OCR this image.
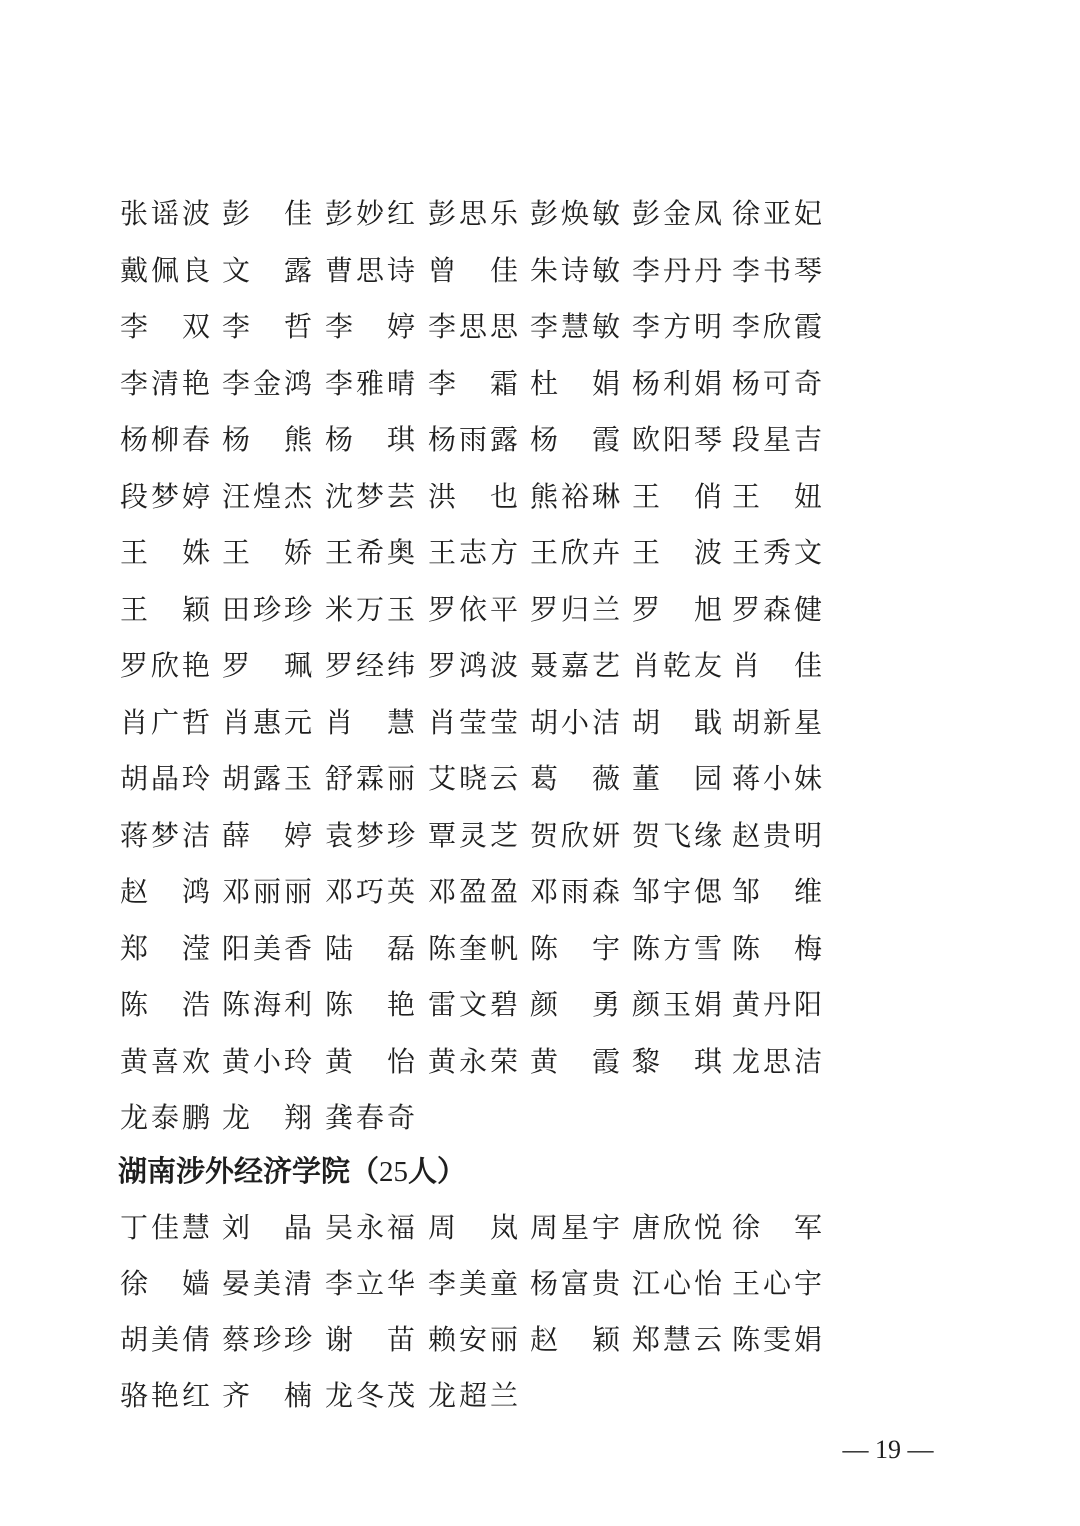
张 谣 波 彭 佳 彭 妙 红 彭 思 乐 彭 焕 敏 彭 金 凤 徐 亚 妃
戴 佩 良 文 露 曹 思 诗 曾 佳 朱 诗 敏 李 丹 丹 李 书 琴
李 双 李 哲 李 婷 李 思 思 李 慧 敏 李 方 明 李 欣 霞
李 清 艳 李 金 鸿 李 雅 晴 李 霜 杜 娟 杨 利 娟 杨 可 奇
杨 柳 春 杨 熊 杨 琪 杨 雨 露 杨 霞 欧 阳 琴 段 星 吉
段 梦 婷 汪 煌 杰 沈 梦 芸 洪 也 熊 裕 琳 王 俏 王 妞
王 姝 王 娇 王 希 奥 王 志 方 王 欣 卉 王 波 王 秀 文
王 颖 田 珍 珍 米 万 玉 罗 依 平 罗 归 兰 罗 旭 罗 森 健
罗 欣 艳 罗 珮 罗 经 纬 罗 鸿 波 聂 嘉 艺 肖 乾 友 肖 佳
肖 广 哲 肖 惠 元 肖 慧 肖 莹 莹 胡 小 洁 胡 戢 胡 新 星
胡 晶 玲 胡 露 玉 舒 霖 丽 艾 晓 云 葛 薇 董 园 蒋 小 妹
蒋 梦 洁 薛 婷 袁 梦 珍 覃 灵 芝 贺 欣 妍 贺 飞 缘 赵 贵 明
赵 鸿 邓 丽 丽 邓 巧 英 邓 盈 盈 邓 雨 森 邹 宇 偲 邹 维
郑 滢 阳 美 香 陆 磊 陈 奎 帆 陈 宇 陈 方 雪 陈 梅
陈 浩 陈 海 利 陈 艳 雷 文 碧 颜 勇 颜 玉 娟 黄 丹 阳
黄 喜 欢 黄 小 玲 黄 怡 黄 永 荣 黄 霞 黎 琪 龙 思 洁
龙 泰 鹏 龙 翔 龚 春 奇
湖南涉外经济学院（25人）
丁 佳 慧 刘 晶 吴 永 福 周 岚 周 星 宇 唐 欣 悦 徐 军
徐 嫱 晏 美 清 李 立 华 李 美 童 杨 富 贵 江 心 怡 王 心 宇
胡 美 倩 蔡 珍 珍 谢 苗 赖 安 丽 赵 颖 郑 慧 云 陈 雯 娟
骆 艳 红 齐 楠 龙 冬 茂 龙 超 兰
— 19 —
